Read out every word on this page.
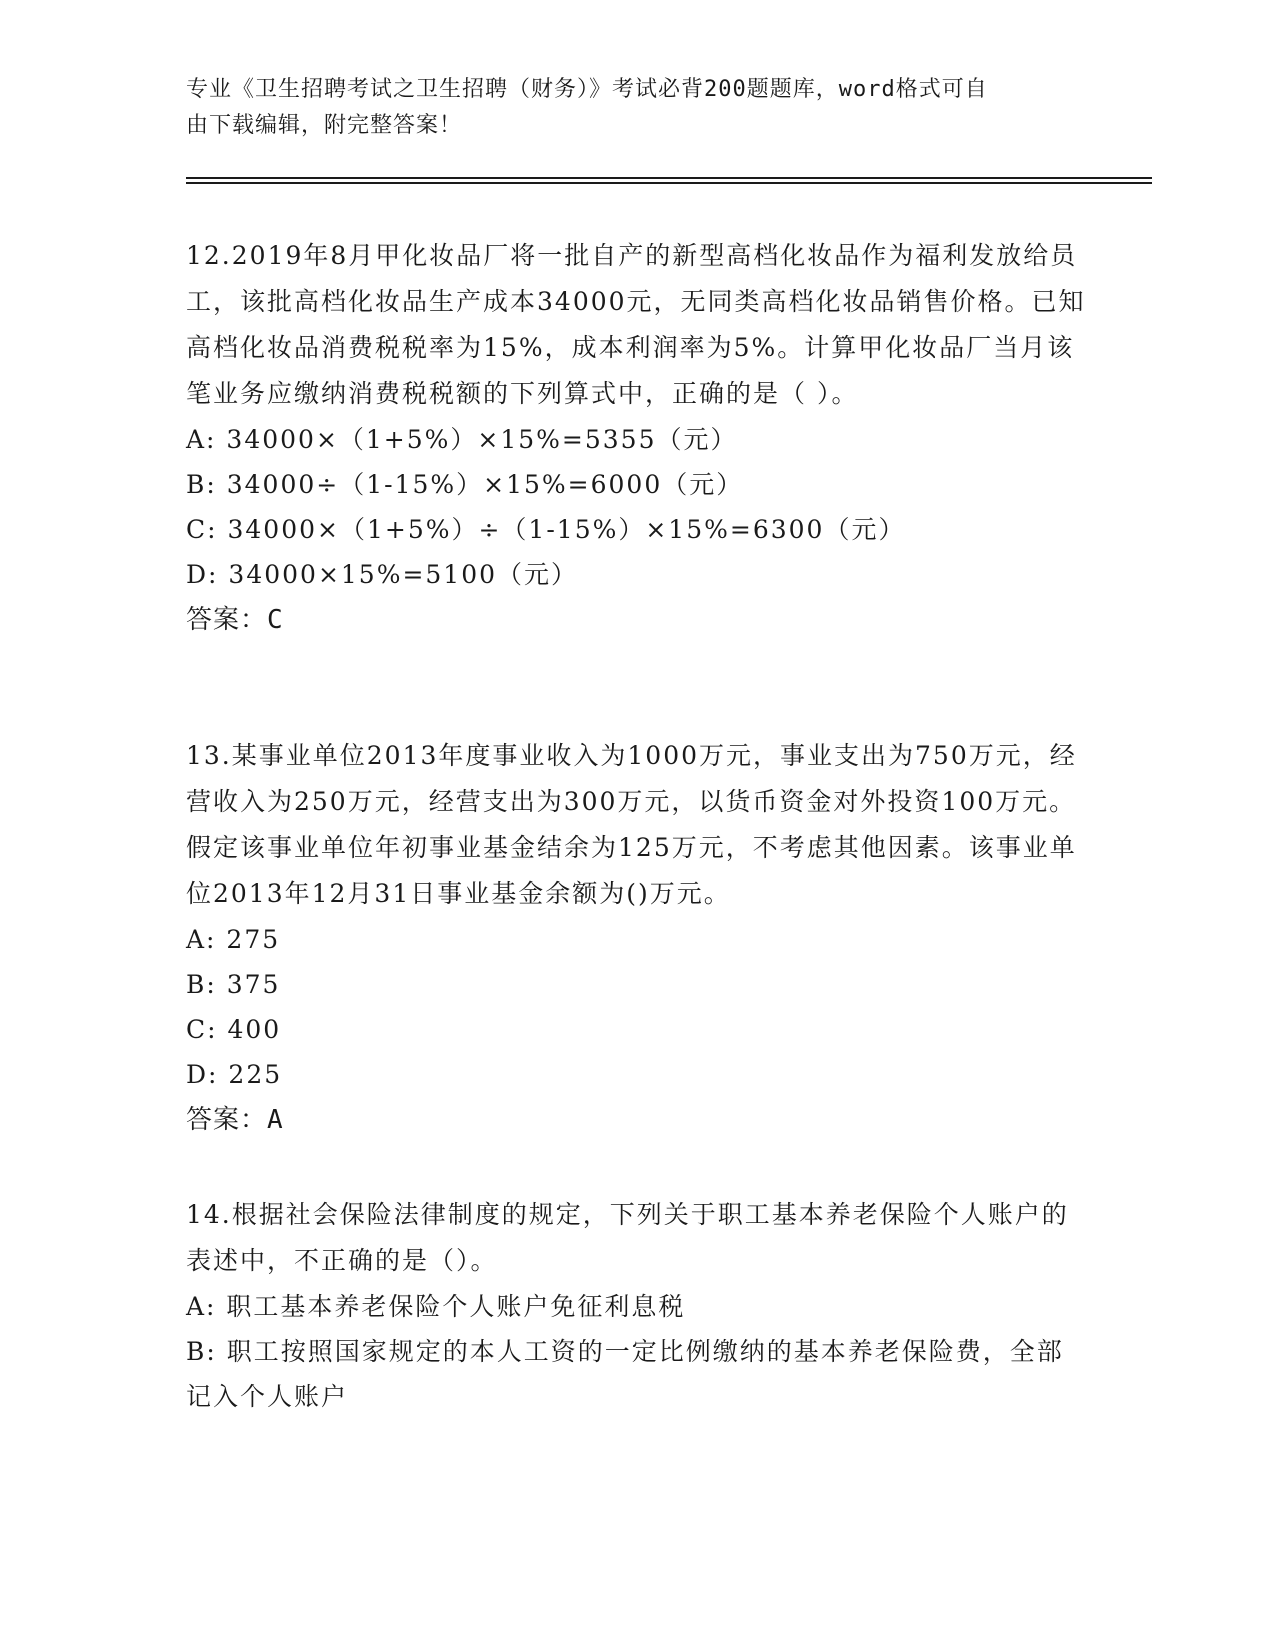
专业《卫生招聘考试之卫生招聘（财务）》考试必背200题题库，word格式可自
由下载编辑，附完整答案！

12.2019年8月甲化妆品厂将一批自产的新型高档化妆品作为福利发放给员工，该批高档化妆品生产成本34000元，无同类高档化妆品销售价格。已知高档化妆品消费税税率为15%，成本利润率为5%。计算甲化妆品厂当月该笔业务应缴纳消费税税额的下列算式中，正确的是（ ）。

A: 34000×（1+5%）×15%=5355（元）

B: 34000÷（1-15%）×15%=6000（元）

C: 34000×（1+5%）÷（1-15%）×15%=6300（元）

D: 34000×15%=5100（元）

答案：C

13.某事业单位2013年度事业收入为1000万元，事业支出为750万元，经营收入为250万元，经营支出为300万元，以货币资金对外投资100万元。假定该事业单位年初事业基金结余为125万元，不考虑其他因素。该事业单位2013年12月31日事业基金余额为()万元。

A: 275

B: 375

C: 400

D: 225

答案：A

14.根据社会保险法律制度的规定，下列关于职工基本养老保险个人账户的表述中，不正确的是（）。

A: 职工基本养老保险个人账户免征利息税

B: 职工按照国家规定的本人工资的一定比例缴纳的基本养老保险费，全部记入个人账户
